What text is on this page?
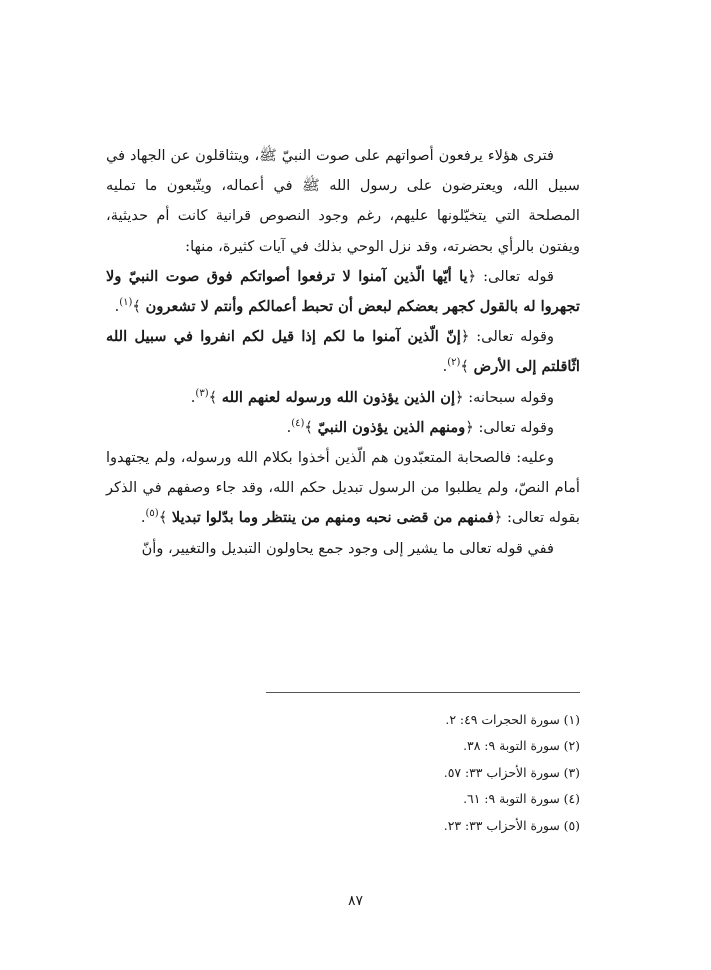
فترى هؤلاء يرفعون أصواتهم على صوت النبيّ ﷺ، ويتثاقلون عن الجهاد في سبيل الله، ويعترضون على رسول الله ﷺ في أعماله، ويتّبعون ما تمليه المصلحة التي يتخيّلونها عليهم، رغم وجود النصوص قرانية كانت أم حديثية، ويفتون بالرأي بحضرته، وقد نزل الوحي بذلك في آيات كثيرة، منها:

قوله تعالى: ﴿يا أيّها الّذين آمنوا لا ترفعوا أصواتكم فوق صوت النبيّ ولا تجهروا له بالقول كجهر بعضكم لبعض أن تحبط أعمالكم وأنتم لا تشعرون ﴾$^{(١)}$.

وقوله تعالى: ﴿إنّ الّذين آمنوا ما لكم إذا قيل لكم انفروا في سبيل الله اثّاقلتم إلى الأرض ﴾$^{(٢)}$.

وقوله سبحانه: ﴿إن الذين يؤذون الله ورسوله لعنهم الله ﴾$^{(٣)}$.

وقوله تعالى: ﴿ومنهم الذين يؤذون النبيّ ﴾$^{(٤)}$.

وعليه: فالصحابة المتعبّدون هم الّذين أخذوا بكلام الله ورسوله، ولم يجتهدوا أمام النصّ، ولم يطلبوا من الرسول تبديل حكم الله، وقد جاء وصفهم في الذكر بقوله تعالى: ﴿فمنهم من قضى نحبه ومنهم من ينتظر وما بدّلوا تبديلا ﴾$^{(٥)}$.

ففي قوله تعالى ما يشير إلى وجود جمع يحاولون التبديل والتغيير، وأنّ

(١) سورة الحجرات ٤٩: ٢.
(٢) سورة التوبة ٩: ٣٨.
(٣) سورة الأحزاب ٣٣: ٥٧.
(٤) سورة التوبة ٩: ٦١.
(٥) سورة الأحزاب ٣٣: ٢٣.
٨٧
